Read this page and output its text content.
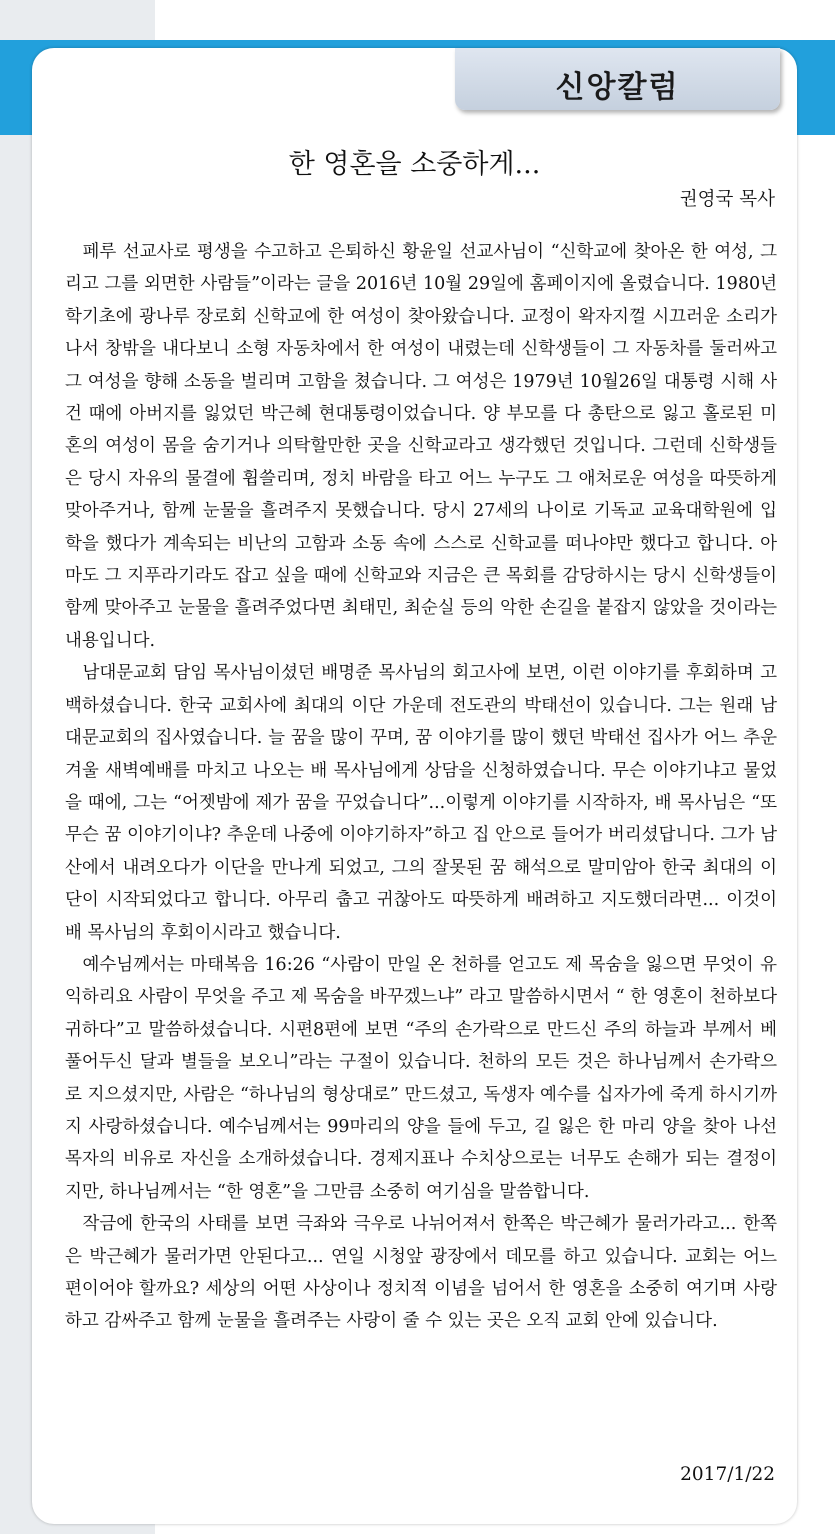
신앙칼럼
한 영혼을 소중하게...
권영국 목사

페루 선교사로 평생을 수고하고 은퇴하신 황윤일 선교사님이 “신학교에 찾아온 한 여성, 그리고 그를 외면한 사람들”이라는 글을 2016년 10월 29일에 홈페이지에 올렸습니다. 1980년 학기초에 광나루 장로회 신학교에 한 여성이 찾아왔습니다. 교정이 왁자지껄 시끄러운 소리가 나서 창밖을 내다보니 소형 자동차에서 한 여성이 내렸는데 신학생들이 그 자동차를 둘러싸고 그 여성을 향해 소동을 벌리며 고함을 쳤습니다. 그 여성은 1979년 10월26일 대통령 시해 사건 때에 아버지를 잃었던 박근혜 현대통령이었습니다. 양 부모를 다 총탄으로 잃고 홀로된 미혼의 여성이 몸을 숨기거나 의탁할만한 곳을 신학교라고 생각했던 것입니다. 그런데 신학생들은 당시 자유의 물결에 휩쓸리며, 정치 바람을 타고 어느 누구도 그 애처로운 여성을 따뜻하게 맞아주거나, 함께 눈물을 흘려주지 못했습니다. 당시 27세의 나이로 기독교 교육대학원에 입학을 했다가 계속되는 비난의 고함과 소동 속에 스스로 신학교를 떠나야만 했다고 합니다. 아마도 그 지푸라기라도 잡고 싶을 때에 신학교와 지금은 큰 목회를 감당하시는 당시 신학생들이 함께 맞아주고 눈물을 흘려주었다면 최태민, 최순실 등의 악한 손길을 붙잡지 않았을 것이라는 내용입니다.

남대문교회 담임 목사님이셨던 배명준 목사님의 회고사에 보면, 이런 이야기를 후회하며 고백하셨습니다. 한국 교회사에 최대의 이단 가운데 전도관의 박태선이 있습니다. 그는 원래 남대문교회의 집사였습니다. 늘 꿈을 많이 꾸며, 꿈 이야기를 많이 했던 박태선 집사가 어느 추운 겨울 새벽예배를 마치고 나오는 배 목사님에게 상담을 신청하였습니다. 무슨 이야기냐고 물었을 때에, 그는 “어젯밤에 제가 꿈을 꾸었습니다”...이렇게 이야기를 시작하자, 배 목사님은 “또 무슨 꿈 이야기이냐? 추운데 나중에 이야기하자”하고 집 안으로 들어가 버리셨답니다. 그가 남산에서 내려오다가 이단을 만나게 되었고, 그의 잘못된 꿈 해석으로 말미암아 한국 최대의 이단이 시작되었다고 합니다. 아무리 춥고 귀찮아도 따뜻하게 배려하고 지도했더라면... 이것이 배 목사님의 후회이시라고 했습니다.

예수님께서는 마태복음 16:26 “사람이 만일 온 천하를 얻고도 제 목숨을 잃으면 무엇이 유익하리요 사람이 무엇을 주고 제 목숨을 바꾸겠느냐” 라고 말씀하시면서 “ 한 영혼이 천하보다 귀하다”고 말씀하셨습니다. 시편8편에 보면 “주의 손가락으로 만드신 주의 하늘과 부께서 베풀어두신 달과 별들을 보오니”라는 구절이 있습니다. 천하의 모든 것은 하나님께서 손가락으로 지으셨지만, 사람은 “하나님의 형상대로” 만드셨고, 독생자 예수를 십자가에 죽게 하시기까지 사랑하셨습니다. 예수님께서는 99마리의 양을 들에 두고, 길 잃은 한 마리 양을 찾아 나선 목자의 비유로 자신을 소개하셨습니다. 경제지표나 수치상으로는 너무도 손해가 되는 결정이지만, 하나님께서는 “한 영혼”을 그만큼 소중히 여기심을 말씀합니다.

작금에 한국의 사태를 보면 극좌와 극우로 나뉘어져서 한쪽은 박근혜가 물러가라고... 한쪽은 박근혜가 물러가면 안된다고... 연일 시청앞 광장에서 데모를 하고 있습니다. 교회는 어느 편이어야 할까요? 세상의 어떤 사상이나 정치적 이념을 넘어서 한 영혼을 소중히 여기며 사랑하고 감싸주고 함께 눈물을 흘려주는 사랑이 줄 수 있는 곳은 오직 교회 안에 있습니다.

2017/1/22
